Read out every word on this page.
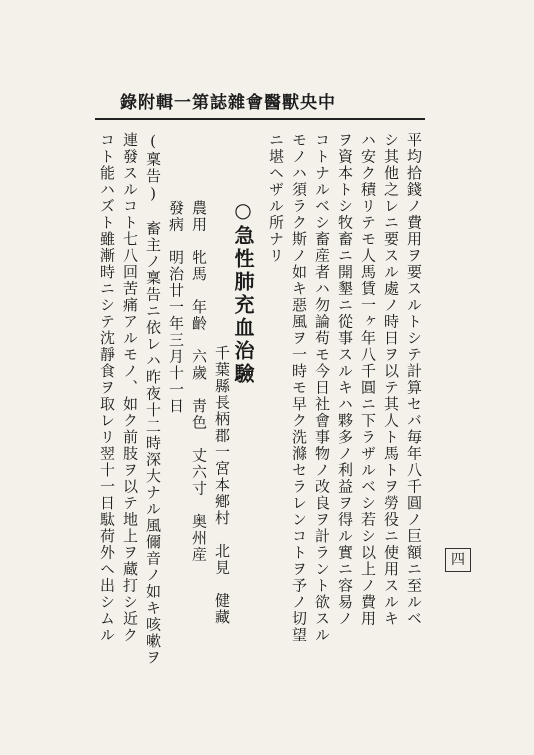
中央獸醫會雜誌第一輯附錄
平均拾錢ノ費用ヲ要スルトシテ計算セバ毎年八千圓ノ巨額ニ至ルベ
シ其他之レニ要スル處ノ時日ヲ以テ其人ト馬トヲ勞役ニ使用スルキ
ハ安ク積リテモ人馬賃一ヶ年八千圓ニ下ラザルベシ若シ以上ノ費用
ヲ資本トシ牧畜ニ開墾ニ從事スルキハ夥多ノ利益ヲ得ル實ニ容易ノ
コトナルベシ畜産者ハ勿論苟モ今日社會事物ノ改良ヲ計ラント欲スル
モノハ須ラク斯ノ如キ惡風ヲ一時モ早ク洗滌セラレンコトヲ予ノ切望
ニ堪ヘザル所ナリ
○急性肺充血治驗
千葉縣長柄郡一宮本鄕村　北見　健藏
農用　牝馬　年齡　六歲　靑色　丈六寸　奥州産
發病　明治廿一年三月十一日
(稟告)　畜主ノ稟告ニ依レハ昨夜十二時深大ナル風儞音ノ如キ咳嗽ヲ
連發スルコト七八回苦痛アルモノ、如ク前肢ヲ以テ地上ヲ蔵打シ近ク
コト能ハズト雖漸時ニシテ沈靜食ヲ取レリ翌十一日駄荷外ヘ出シムル	四
